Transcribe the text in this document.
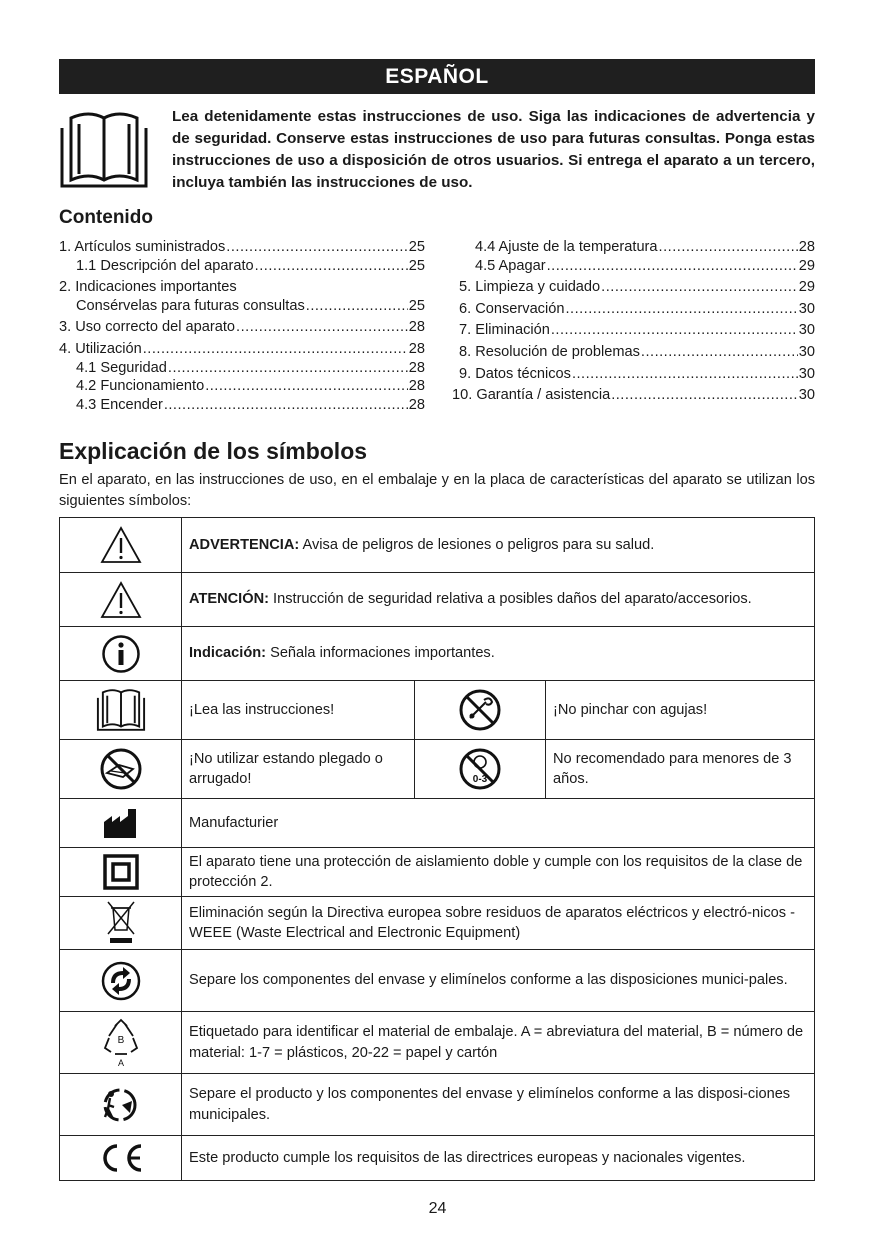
ESPAÑOL
Lea detenidamente estas instrucciones de uso. Siga las indicaciones de advertencia y de seguridad. Conserve estas instrucciones de uso para futuras consultas. Ponga estas instrucciones de uso a disposición de otros usuarios. Si entrega el aparato a un tercero, incluya también las instrucciones de uso.
Contenido
1. Artículos suministrados .....	25
1.1 Descripción del aparato .....	25
2. Indicaciones importantes
Consérvelas para futuras consultas .....	25
3. Uso correcto del aparato .....	28
4. Utilización .....	28
4.1 Seguridad .....	28
4.2 Funcionamiento .....	28
4.3 Encender .....	28
4.4 Ajuste de la temperatura .....	28
4.5 Apagar .....	29
5. Limpieza y cuidado .....	29
6. Conservación .....	30
7. Eliminación .....	30
8. Resolución de problemas .....	30
9. Datos técnicos .....	30
10. Garantía / asistencia .....	30
Explicación de los símbolos
En el aparato, en las instrucciones de uso, en el embalaje y en la placa de características del aparato se utilizan los siguientes símbolos:
	ADVERTENCIA: Avisa de peligros de lesiones o peligros para su salud.		

	ATENCIÓN: Instrucción de seguridad relativa a posibles daños del aparato/accesorios.		

	Indicación: Señala informaciones importantes.		

	¡Lea las instrucciones!		¡No pinchar con agujas!

	¡No utilizar estando plegado o arrugado!	0-3	No recomendado para menores de 3 años.

	Manufacturier		

	El aparato tiene una protección de aislamiento doble y cumple con los requisitos de la clase de protección 2.		

	Eliminación según la Directiva europea sobre residuos de aparatos eléctricos y electró-nicos - WEEE (Waste Electrical and Electronic Equipment)		

	Separe los componentes del envase y elimínelos conforme a las disposiciones munici-pales.		

B
A	Etiquetado para identificar el material de embalaje. A = abreviatura del material, B = número de material: 1-7 = plásticos, 20-22 = papel y cartón		

	Separe el producto y los componentes del envase y elimínelos conforme a las disposi-ciones municipales.		

	Este producto cumple los requisitos de las directrices europeas y nacionales vigentes.		
24
